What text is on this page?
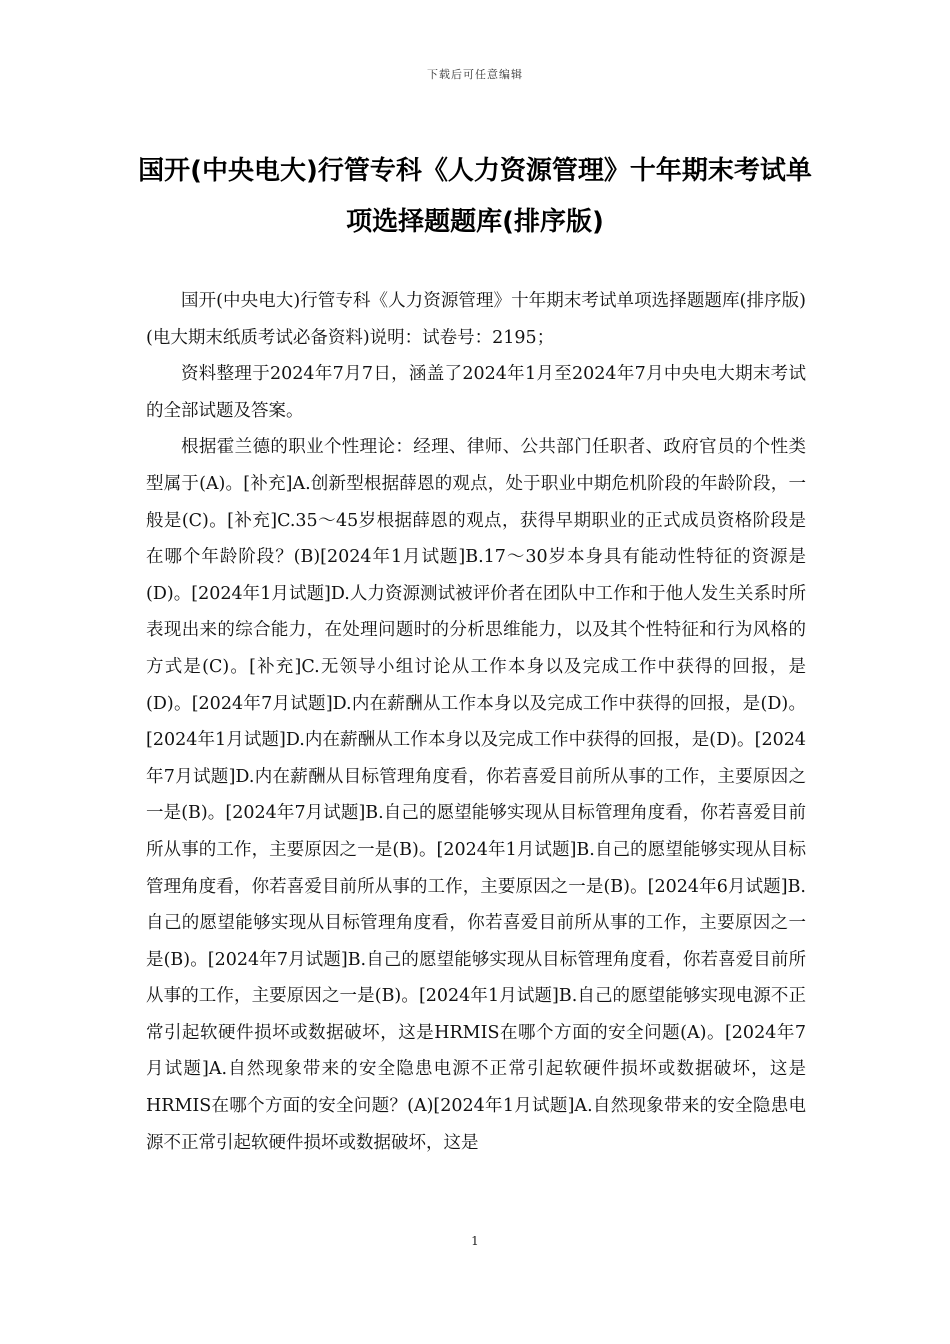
下载后可任意编辑
国开(中央电大)行管专科《人力资源管理》十年期末考试单项选择题题库(排序版)

国开(中央电大)行管专科《人力资源管理》十年期末考试单项选择题题库(排序版)(电大期末纸质考试必备资料)说明：试卷号：2195；

资料整理于2024年7月7日，涵盖了2024年1月至2024年7月中央电大期末考试的全部试题及答案。

根据霍兰德的职业个性理论：经理、律师、公共部门任职者、政府官员的个性类型属于(A)。[补充]A.创新型根据薛恩的观点，处于职业中期危机阶段的年龄阶段，一般是(C)。[补充]C.35～45岁根据薛恩的观点，获得早期职业的正式成员资格阶段是在哪个年龄阶段？(B)[2024年1月试题]B.17～30岁本身具有能动性特征的资源是(D)。[2024年1月试题]D.人力资源测试被评价者在团队中工作和于他人发生关系时所表现出来的综合能力，在处理问题时的分析思维能力，以及其个性特征和行为风格的方式是(C)。[补充]C.无领导小组讨论从工作本身以及完成工作中获得的回报，是(D)。[2024年7月试题]D.内在薪酬从工作本身以及完成工作中获得的回报，是(D)。[2024年1月试题]D.内在薪酬从工作本身以及完成工作中获得的回报，是(D)。[2024年7月试题]D.内在薪酬从目标管理角度看，你若喜爱目前所从事的工作，主要原因之一是(B)。[2024年7月试题]B.自己的愿望能够实现从目标管理角度看，你若喜爱目前所从事的工作，主要原因之一是(B)。[2024年1月试题]B.自己的愿望能够实现从目标管理角度看，你若喜爱目前所从事的工作，主要原因之一是(B)。[2024年6月试题]B.自己的愿望能够实现从目标管理角度看，你若喜爱目前所从事的工作，主要原因之一是(B)。[2024年7月试题]B.自己的愿望能够实现从目标管理角度看，你若喜爱目前所从事的工作，主要原因之一是(B)。[2024年1月试题]B.自己的愿望能够实现电源不正常引起软硬件损坏或数据破坏，这是HRMIS在哪个方面的安全问题(A)。[2024年7月试题]A.自然现象带来的安全隐患电源不正常引起软硬件损坏或数据破坏，这是HRMIS在哪个方面的安全问题？(A)[2024年1月试题]A.自然现象带来的安全隐患电源不正常引起软硬件损坏或数据破坏，这是

1
